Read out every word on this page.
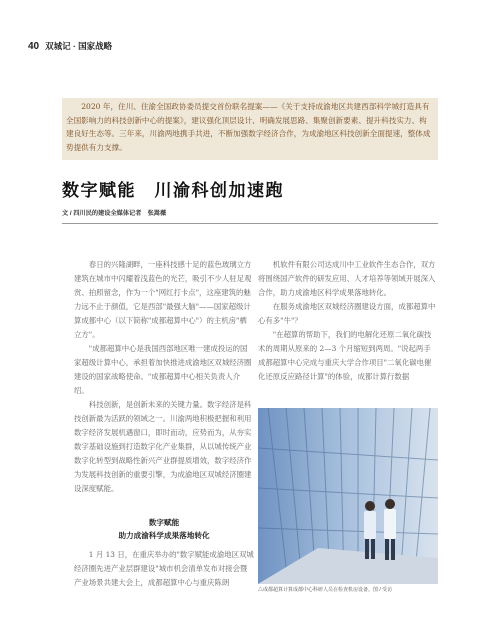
40 双城记 · 国家战略

2020 年，住川、住渝全国政协委员提交首份联名提案——《关于支持成渝地区共建西部科学城打造具有全国影响力的科技创新中心的提案》，建议强化顶层设计、明确发展思路、集聚创新要素、提升科技实力、构建良好生态等。三年来，川渝两地携手共进，不断加强数字经济合作，为成渝地区科技创新全面提速，整体成势提供有力支撑。

数字赋能　川渝科创加速跑
文 / 四川民的建设全媒体记者　张嵩薇

春日的兴隆湖畔，一座科技感十足的蓝色玻璃立方建筑在城市中闪耀着浅蓝色的光芒，吸引不少人驻足观赏、拍照留念，作为一个"网红打卡点"，这座建筑的魅力远不止于颜值，它是西部"最强大脑"——国家超级计算成都中心（以下简称"成都超算中心"）的主机房"栖立方"。

"成都超算中心是我国西部地区唯一建成投运的国家超级计算中心，承担着加快推进成渝地区双城经济圈建设的国家战略使命。"成都超算中心相关负责人介绍。

科技创新，是创新未来的关键力量。数字经济是科技创新最为活跃的领域之一。川渝两地积极把握和利用数字经济发展机遇窗口，即时而动，应势而为，从夯实数字基础设施到打造数字化产业集群，从以城传统产业数字化转型到战略性新兴产业群提质增效，数字经济作为发展科技创新的重要引擎，为成渝地区双城经济圈建设深度赋能。

数字赋能
助力成渝科学成果落地转化

1 月 13 日，在重庆举办的"数字赋能成渝地区双城经济圈先进产业层群建设"城市机会清单发布对接会暨产业场景共建大会上，成都超算中心与重庆陈朗

机软件有限公司达成川中工业软件生态合作，双方将围绕国产软件的研发应用、人才培养等领域开展深入合作，助力成渝地区科学成果落地转化。

在服务成渝地区双城经济圈建设方面，成都超算中心有多"牛"？

"在超算的帮助下，我们的电解化还原二氧化碳技术的周期从原来的 2—3 个月缩短到两周。"说起两手成都超算中心完成与重庆大学合作项目"二氧化碳电催化还原反应路径计算"的体验，成都计算行数据

△成都超算计算成都中心科研人员在检查机房设备。图 / 受访
